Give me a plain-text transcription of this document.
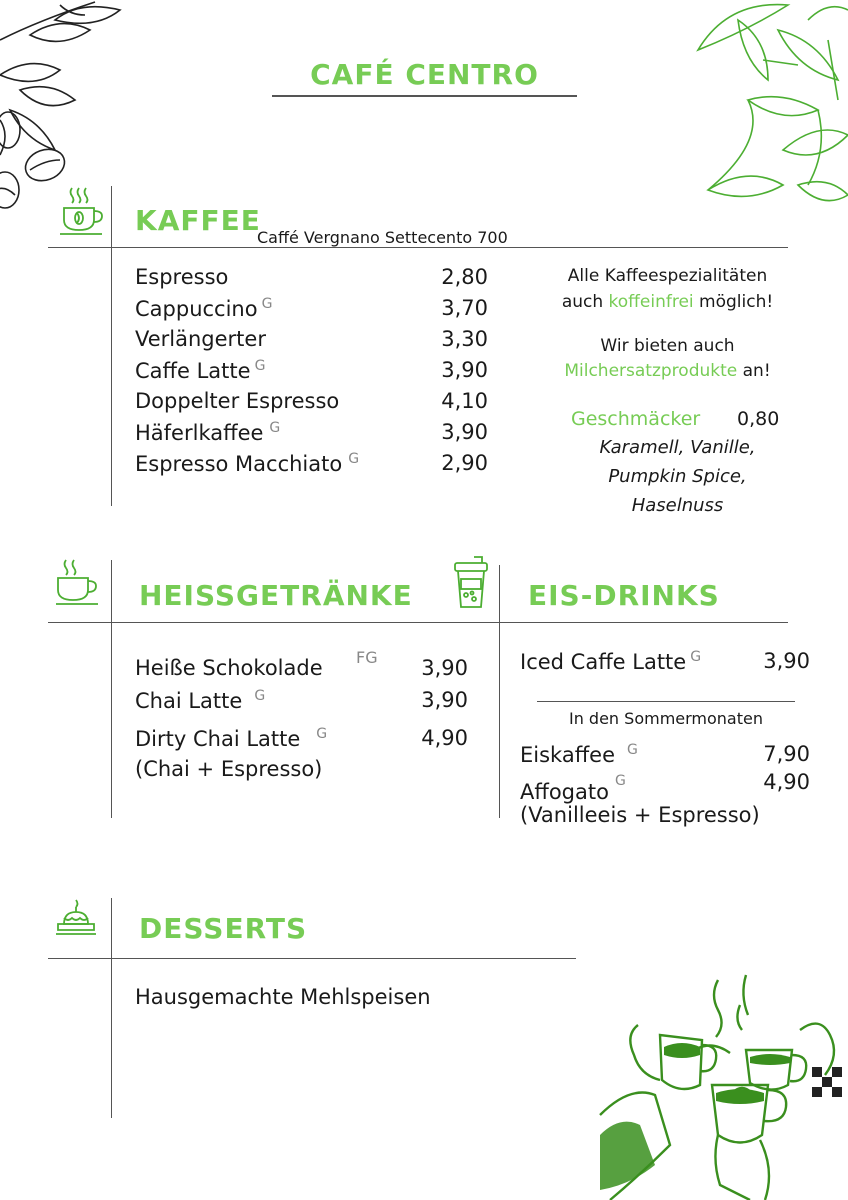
CAFÉ CENTRO
KAFFEE
Caffé Vergnano Settecento 700
Espresso	2,80
Cappuccino $^G$	3,70
Verlängerter	3,30
Caffe Latte $^G$	3,90
Doppelter Espresso	4,10
Häferlkaffee $^G$	3,90
Espresso Macchiato $^G$	2,90
Alle Kaffeespezialitäten
auch koffeinfrei möglich!
Wir bieten auch
Milchersatzprodukte an!
Geschmäcker 0,80
Karamell, Vanille,
Pumpkin Spice,
Haselnuss
HEISSGETRÄNKE	EIS-DRINKS
Heiße Schokolade FG	3,90
Chai Latte $^G$	3,90
Dirty Chai Latte $^G$	4,90
(Chai + Espresso)
Iced Caffe Latte $^G$	3,90
In den Sommermonaten
Eiskaffee $^G$	7,90
Affogato $^G$	4,90
(Vanilleeis + Espresso)
DESSERTS
Hausgemachte Mehlspeisen
